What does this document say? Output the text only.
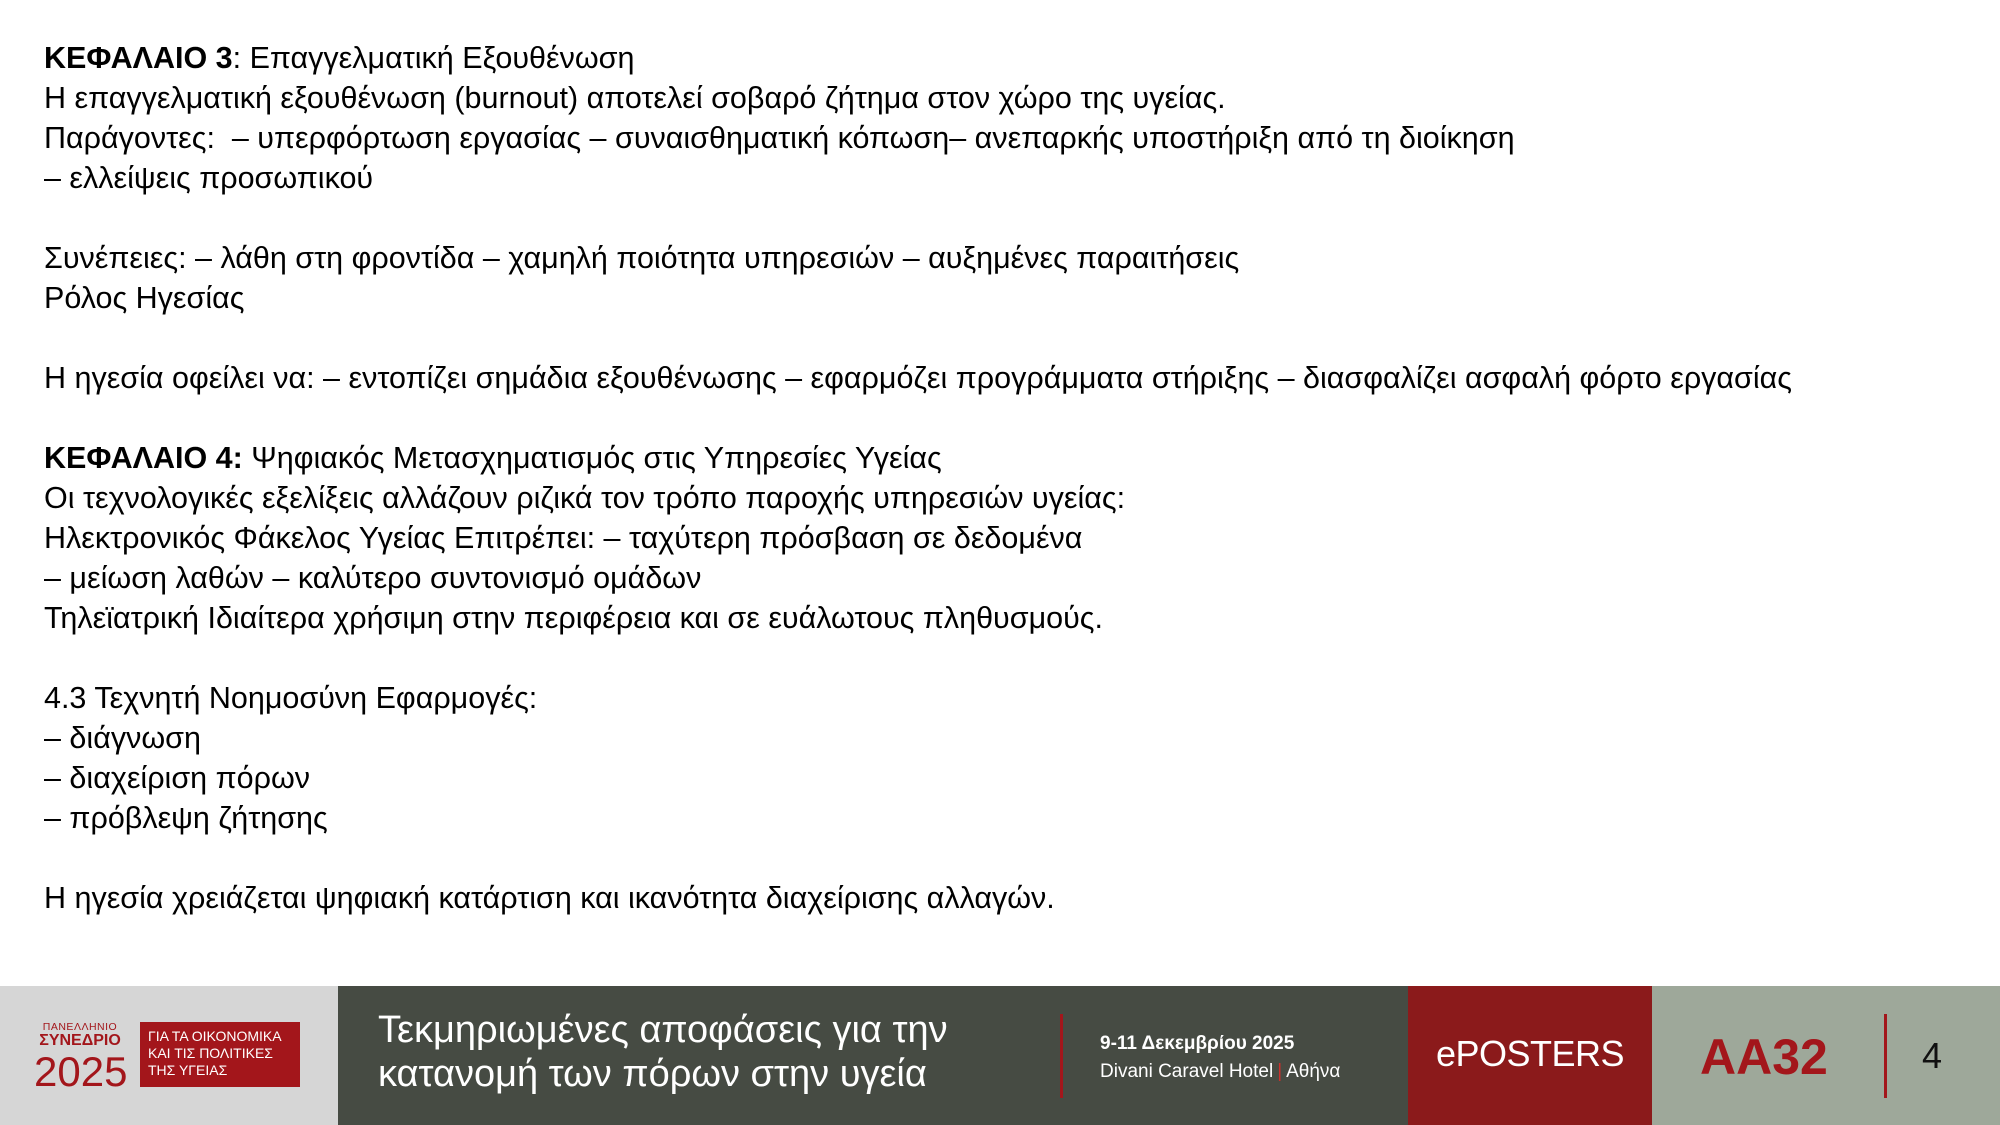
ΚΕΦΑΛΑΙΟ 3: Επαγγελματική Εξουθένωση
Η επαγγελματική εξουθένωση (burnout) αποτελεί σοβαρό ζήτημα στον χώρο της υγείας.
Παράγοντες:  – υπερφόρτωση εργασίας – συναισθηματική κόπωση– ανεπαρκής υποστήριξη από τη διοίκηση
– ελλείψεις προσωπικού
Συνέπειες: – λάθη στη φροντίδα – χαμηλή ποιότητα υπηρεσιών – αυξημένες παραιτήσεις
Ρόλος Ηγεσίας
Η ηγεσία οφείλει να: – εντοπίζει σημάδια εξουθένωσης – εφαρμόζει προγράμματα στήριξης – διασφαλίζει ασφαλή φόρτο εργασίας
ΚΕΦΑΛΑΙΟ 4: Ψηφιακός Μετασχηματισμός στις Υπηρεσίες Υγείας
Οι τεχνολογικές εξελίξεις αλλάζουν ριζικά τον τρόπο παροχής υπηρεσιών υγείας:
Ηλεκτρονικός Φάκελος Υγείας Επιτρέπει: – ταχύτερη πρόσβαση σε δεδομένα
– μείωση λαθών – καλύτερο συντονισμό ομάδων
Τηλεϊατρική Ιδιαίτερα χρήσιμη στην περιφέρεια και σε ευάλωτους πληθυσμούς.
4.3 Τεχνητή Νοημοσύνη Εφαρμογές:
– διάγνωση
– διαχείριση πόρων
– πρόβλεψη ζήτησης
Η ηγεσία χρειάζεται ψηφιακή κατάρτιση και ικανότητα διαχείρισης αλλαγών.
ΠΑΝΕΛΛΗΝΙΟ
ΣΥΝΕΔΡΙΟ
2025
ΓΙΑ ΤΑ ΟΙΚΟΝΟΜΙΚΑ
ΚΑΙ ΤΙΣ ΠΟΛΙΤΙΚΕΣ
ΤΗΣ ΥΓΕΙΑΣ
Τεκμηριωμένες αποφάσεις για την
κατανομή των πόρων στην υγεία
9-11 Δεκεμβρίου 2025
Divani Caravel Hotel | Αθήνα	ePOSTERS	AA32	4
